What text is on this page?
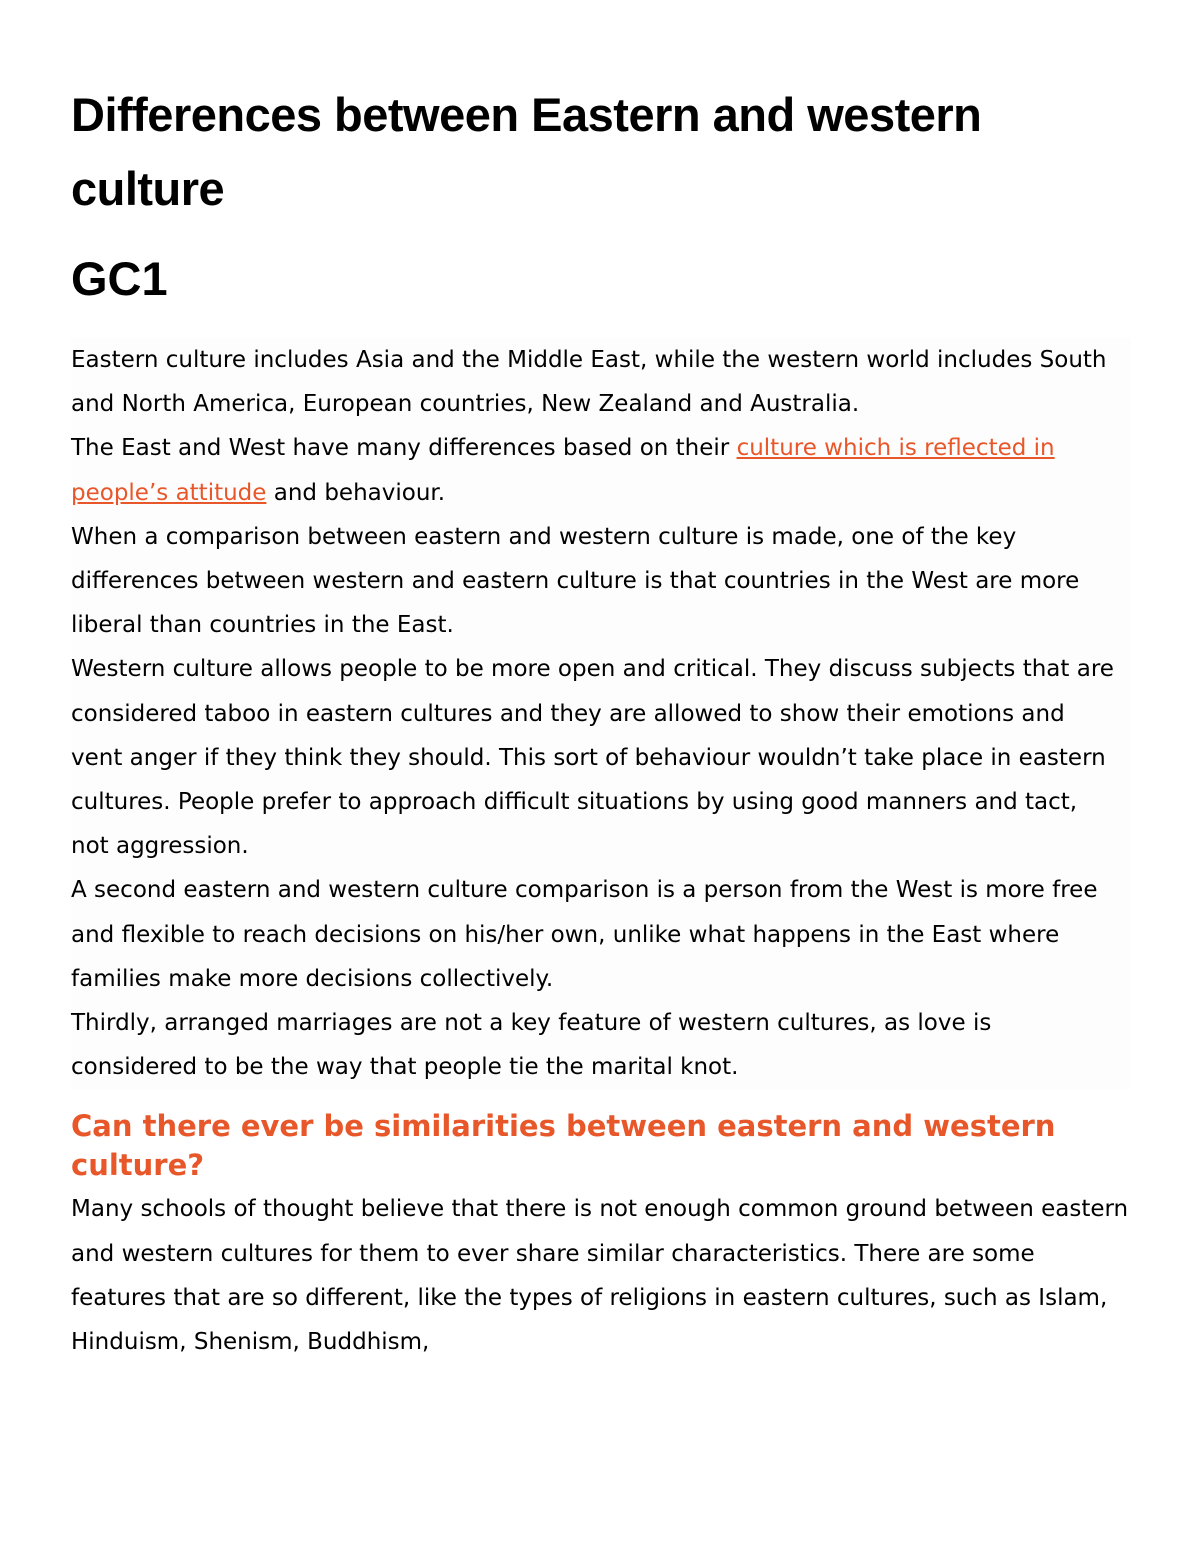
Differences between Eastern and western culture
GC1

Eastern culture includes Asia and the Middle East, while the western world includes South and North America, European countries, New Zealand and Australia.

The East and West have many differences based on their culture which is reflected in people’s attitude and behaviour.

When a comparison between eastern and western culture is made, one of the key differences between western and eastern culture is that countries in the West are more liberal than countries in the East.

Western culture allows people to be more open and critical. They discuss subjects that are considered taboo in eastern cultures and they are allowed to show their emotions and vent anger if they think they should. This sort of behaviour wouldn’t take place in eastern cultures. People prefer to approach difficult situations by using good manners and tact, not aggression.

A second eastern and western culture comparison is a person from the West is more free and flexible to reach decisions on his/her own, unlike what happens in the East where families make more decisions collectively.

Thirdly, arranged marriages are not a key feature of western cultures, as love is considered to be the way that people tie the marital knot.

Can there ever be similarities between eastern and western culture?

Many schools of thought believe that there is not enough common ground between eastern and western cultures for them to ever share similar characteristics. There are some features that are so different, like the types of religions in eastern cultures, such as Islam, Hinduism, Shenism, Buddhism,
